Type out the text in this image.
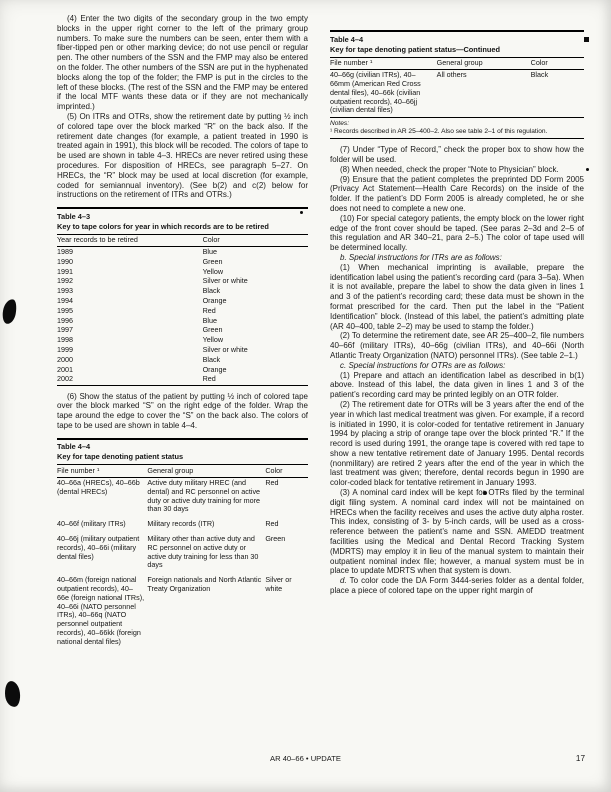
(4) Enter the two digits of the secondary group in the two empty blocks in the upper right corner to the left of the primary group numbers. To make sure the numbers can be seen, enter them with a fiber-tipped pen or other marking device; do not use pencil or regular pen. The other numbers of the SSN and the FMP may also be entered on the folder. The other numbers of the SSN are put in the hyphenated blocks along the top of the folder; the FMP is put in the circles to the left of these blocks. (The rest of the SSN and the FMP may be entered if the local MTF wants these data or if they are not mechanically imprinted.)

(5) On ITRs and OTRs, show the retirement date by putting ½ inch of colored tape over the block marked “R” on the back also. If the retirement date changes (for example, a patient treated in 1990 is treated again in 1991), this block will be recoded. The colors of tape to be used are shown in table 4–3. HRECs are never retired using these procedures. For disposition of HRECs, see paragraph 5–27. On HRECs, the “R” block may be used at local discretion (for example, coded for semiannual inventory). (See b(2) and c(2) below for instructions on the retirement of ITRs and OTRs.)

Table 4–3
Key to tape colors for year in which records are to be retired
Year records to be retired	Color
1989	Blue
1990	Green
1991	Yellow
1992	Silver or white
1993	Black
1994	Orange
1995	Red
1996	Blue
1997	Green
1998	Yellow
1999	Silver or white
2000	Black
2001	Orange
2002	Red

(6) Show the status of the patient by putting ½ inch of colored tape over the block marked “S” on the right edge of the folder. Wrap the tape around the edge to cover the “S” on the back also. The colors of tape to be used are shown in table 4–4.

Table 4–4
Key for tape denoting patient status
File number ¹	General group	Color
40–66a (HRECs), 40–66b (dental HRECs)	Active duty military HREC (and dental) and RC personnel on active duty or active duty training for more than 30 days	Red
40–66f (military ITRs)	Military records (ITR)	Red
40–66j (military outpatient records), 40–66i (military dental files)	Military other than active duty and RC personnel on active duty or active duty training for less than 30 days	Green
40–66m (foreign national outpatient records), 40–66e (foreign national ITRs), 40–66i (NATO personnel ITRs), 40–66q (NATO personnel outpatient records), 40–66kk (foreign national dental files)	Foreign nationals and North Atlantic Treaty Organization	Silver or white
Table 4–4
Key for tape denoting patient status—Continued
File number ¹	General group	Color
40–66g (civilian ITRs), 40–66mm (American Red Cross dental files), 40–66k (civilian outpatient records), 40–66jj (civilian dental files)	All others	Black
Notes:
¹ Records described in AR 25–400–2. Also see table 2–1 of this regulation.

(7) Under “Type of Record,” check the proper box to show how the folder will be used.

(8) When needed, check the proper “Note to Physician” block.

(9) Ensure that the patient completes the preprinted DD Form 2005 (Privacy Act Statement—Health Care Records) on the inside of the folder. If the patient’s DD Form 2005 is already completed, he or she does not need to complete a new one.

(10) For special category patients, the empty block on the lower right edge of the front cover should be taped. (See paras 2–3d and 2–5 of this regulation and AR 340–21, para 2–5.) The color of tape used will be determined locally.

b. Special instructions for ITRs are as follows:

(1) When mechanical imprinting is available, prepare the identification label using the patient’s recording card (para 3–5a). When it is not available, prepare the label to show the data given in lines 1 and 3 of the patient’s recording card; these data must be shown in the format prescribed for the card. Then put the label in the “Patient Identification” block. (Instead of this label, the patient’s admitting plate (AR 40–400, table 2–2) may be used to stamp the folder.)

(2) To determine the retirement date, see AR 25–400–2, file numbers 40–66f (military ITRs), 40–66g (civilian ITRs), and 40–66i (North Atlantic Treaty Organization (NATO) personnel ITRs). (See table 2–1.)

c. Special instructions for OTRs are as follows:

(1) Prepare and attach an identification label as described in b(1) above. Instead of this label, the data given in lines 1 and 3 of the patient’s recording card may be printed legibly on an OTR folder.

(2) The retirement date for OTRs will be 3 years after the end of the year in which last medical treatment was given. For example, if a record is initiated in 1990, it is color-coded for tentative retirement in January 1994 by placing a strip of orange tape over the block printed “R.” If the record is used during 1991, the orange tape is covered with red tape to show a new tentative retirement date of January 1995. Dental records (nonmilitary) are retired 2 years after the end of the year in which the last treatment was given; therefore, dental records begun in 1990 are color-coded black for tentative retirement in January 1993.

(3) A nominal card index will be kept for OTRs filed by the terminal digit filing system. A nominal card index will not be maintained on HRECs when the facility receives and uses the active duty alpha roster. This index, consisting of 3- by 5-inch cards, will be used as a cross-reference between the patient’s name and SSN. AMEDD treatment facilities using the Medical and Dental Record Tracking System (MDRTS) may employ it in lieu of the manual system to maintain their outpatient nominal index file; however, a manual system must be in place to update MDRTS when that system is down.

d. To color code the DA Form 3444-series folder as a dental folder, place a piece of colored tape on the upper right margin of

AR 40–66 • UPDATE	17
